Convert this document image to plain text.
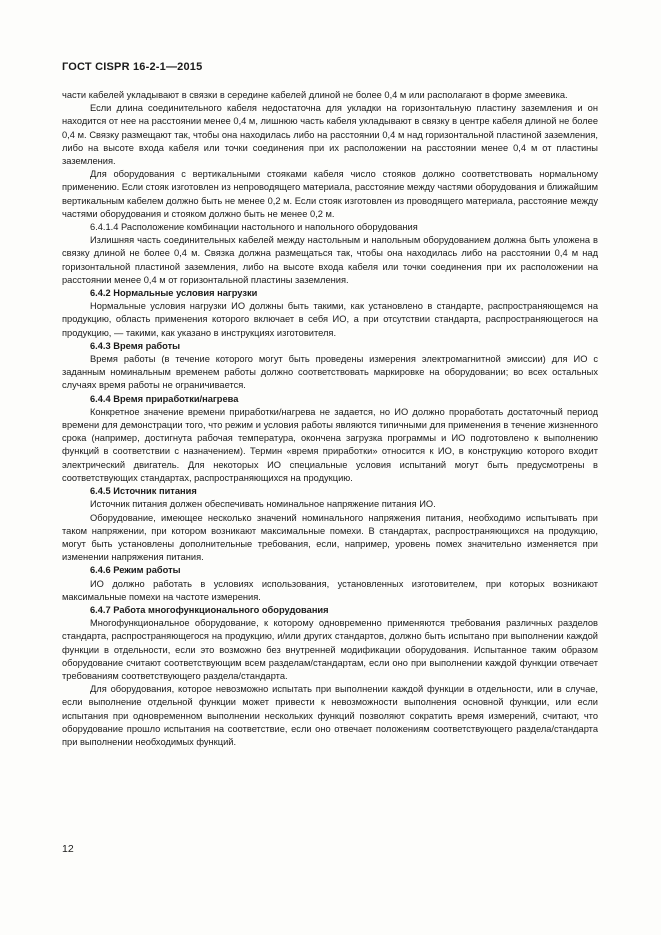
ГОСТ CISPR 16-2-1—2015

части кабелей укладывают в связки в середине кабелей длиной не более 0,4 м или располагают в форме змеевика.

Если длина соединительного кабеля недостаточна для укладки на горизонтальную пластину заземления и он находится от нее на расстоянии менее 0,4 м, лишнюю часть кабеля укладывают в связку в центре кабеля длиной не более 0,4 м. Связку размещают так, чтобы она находилась либо на расстоянии 0,4 м над горизонтальной пластиной заземления, либо на высоте входа кабеля или точки соединения при их расположении на расстоянии менее 0,4 м от пластины заземления.

Для оборудования с вертикальными стояками кабеля число стояков должно соответствовать нормальному применению. Если стояк изготовлен из непроводящего материала, расстояние между частями оборудования и ближайшим вертикальным кабелем должно быть не менее 0,2 м. Если стояк изготовлен из проводящего материала, расстояние между частями оборудования и стояком должно быть не менее 0,2 м.

6.4.1.4 Расположение комбинации настольного и напольного оборудования

Излишняя часть соединительных кабелей между настольным и напольным оборудованием должна быть уложена в связку длиной не более 0,4 м. Связка должна размещаться так, чтобы она находилась либо на расстоянии 0,4 м над горизонтальной пластиной заземления, либо на высоте входа кабеля или точки соединения при их расположении на расстоянии менее 0,4 м от горизонтальной пластины заземления.

6.4.2 Нормальные условия нагрузки

Нормальные условия нагрузки ИО должны быть такими, как установлено в стандарте, распространяющемся на продукцию, область применения которого включает в себя ИО, а при отсутствии стандарта, распространяющегося на продукцию, — такими, как указано в инструкциях изготовителя.

6.4.3 Время работы

Время работы (в течение которого могут быть проведены измерения электромагнитной эмиссии) для ИО с заданным номинальным временем работы должно соответствовать маркировке на оборудовании; во всех остальных случаях время работы не ограничивается.

6.4.4 Время приработки/нагрева

Конкретное значение времени приработки/нагрева не задается, но ИО должно проработать достаточный период времени для демонстрации того, что режим и условия работы являются типичными для применения в течение жизненного срока (например, достигнута рабочая температура, окончена загрузка программы и ИО подготовлено к выполнению функций в соответствии с назначением). Термин «время приработки» относится к ИО, в конструкцию которого входит электрический двигатель. Для некоторых ИО специальные условия испытаний могут быть предусмотрены в соответствующих стандартах, распространяющихся на продукцию.

6.4.5 Источник питания

Источник питания должен обеспечивать номинальное напряжение питания ИО.

Оборудование, имеющее несколько значений номинального напряжения питания, необходимо испытывать при таком напряжении, при котором возникают максимальные помехи. В стандартах, распространяющихся на продукцию, могут быть установлены дополнительные требования, если, например, уровень помех значительно изменяется при изменении напряжения питания.

6.4.6 Режим работы

ИО должно работать в условиях использования, установленных изготовителем, при которых возникают максимальные помехи на частоте измерения.

6.4.7 Работа многофункционального оборудования

Многофункциональное оборудование, к которому одновременно применяются требования различных разделов стандарта, распространяющегося на продукцию, и/или других стандартов, должно быть испытано при выполнении каждой функции в отдельности, если это возможно без внутренней модификации оборудования. Испытанное таким образом оборудование считают соответствующим всем разделам/стандартам, если оно при выполнении каждой функции отвечает требованиям соответствующего раздела/стандарта.

Для оборудования, которое невозможно испытать при выполнении каждой функции в отдельности, или в случае, если выполнение отдельной функции может привести к невозможности выполнения основной функции, или если испытания при одновременном выполнении нескольких функций позволяют сократить время измерений, считают, что оборудование прошло испытания на соответствие, если оно отвечает положениям соответствующего раздела/стандарта при выполнении необходимых функций.

12
